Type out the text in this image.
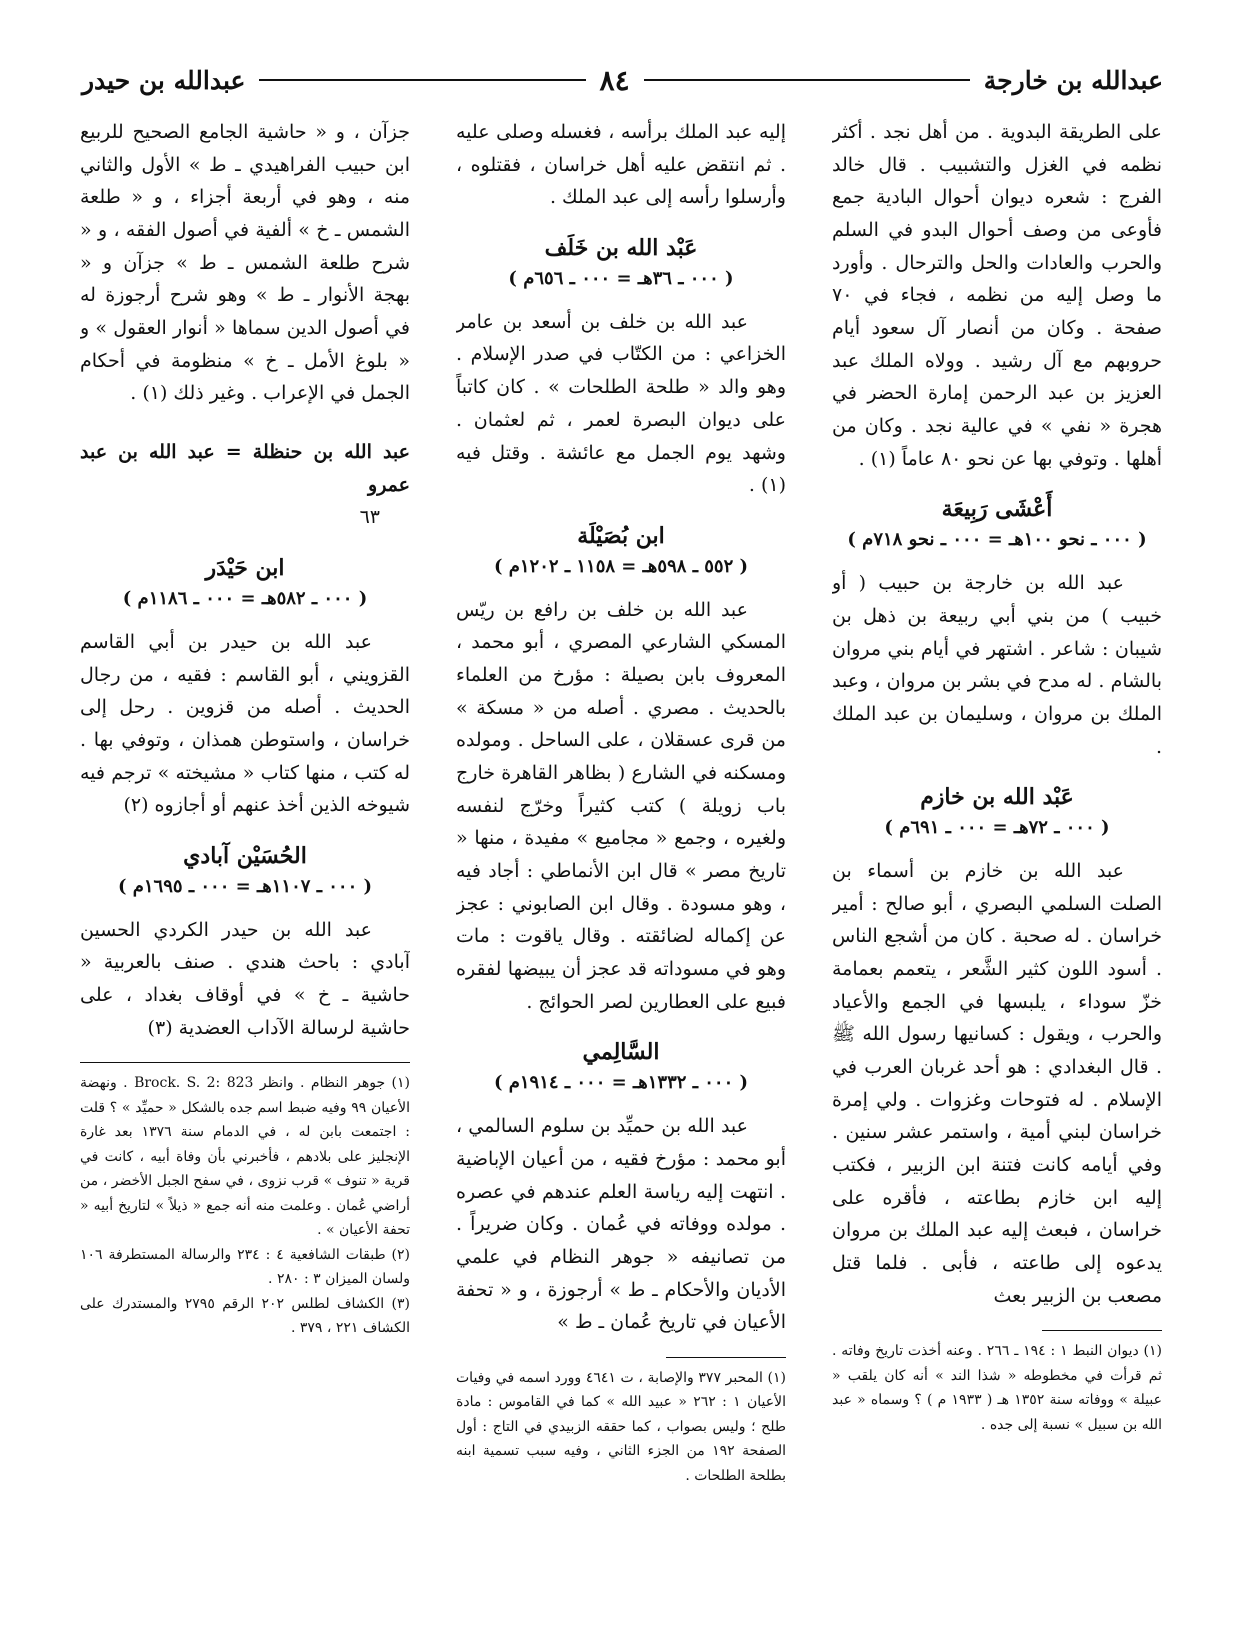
عبدالله بن خارجة
٨٤
عبدالله بن حيدر

على الطريقة البدوية . من أهل نجد . أكثر نظمه في الغزل والتشبيب . قال خالد الفرج : شعره ديوان أحوال البادية جمع فأوعى من وصف أحوال البدو في السلم والحرب والعادات والحل والترحال . وأورد ما وصل إليه من نظمه ، فجاء في ٧٠ صفحة . وكان من أنصار آل سعود أيام حروبهم مع آل رشيد . وولاه الملك عبد العزيز بن عبد الرحمن إمارة الحضر في هجرة « نفي » في عالية نجد . وكان من أهلها . وتوفي بها عن نحو ٨٠ عاماً (١) .

أَعْشَى رَبِيعَة
( ٠٠٠ ـ نحو ١٠٠هـ = ٠٠٠ ـ نحو ٧١٨م )

عبد الله بن خارجة بن حبيب ( أو خبيب ) من بني أبي ربيعة بن ذهل بن شيبان : شاعر . اشتهر في أيام بني مروان بالشام . له مدح في بشر بن مروان ، وعبد الملك بن مروان ، وسليمان بن عبد الملك .

عَبْد الله بن خازم
( ٠٠٠ ـ ٧٢هـ = ٠٠٠ ـ ٦٩١م )

عبد الله بن خازم بن أسماء بن الصلت السلمي البصري ، أبو صالح : أمير خراسان . له صحبة . كان من أشجع الناس . أسود اللون كثير الشَّعر ، يتعمم بعمامة خزّ سوداء ، يلبسها في الجمع والأعياد والحرب ، ويقول : كسانيها رسول الله ﷺ . قال البغدادي : هو أحد غربان العرب في الإسلام . له فتوحات وغزوات . ولي إمرة خراسان لبني أمية ، واستمر عشر سنين . وفي أيامه كانت فتنة ابن الزبير ، فكتب إليه ابن خازم بطاعته ، فأقره على خراسان ، فبعث إليه عبد الملك بن مروان يدعوه إلى طاعته ، فأبى . فلما قتل مصعب بن الزبير بعث

(١) ديوان النبط ١ : ١٩٤ ـ ٢٦٦ . وعنه أخذت تاريخ وفاته . ثم قرأت في مخطوطه « شذا الند » أنه كان يلقب « عبيلة » ووفاته سنة ١٣٥٢ هـ ( ١٩٣٣ م ) ؟ وسماه « عبد الله بن سبيل » نسبة إلى جده .

إليه عبد الملك برأسه ، فغسله وصلى عليه . ثم انتقض عليه أهل خراسان ، فقتلوه ، وأرسلوا رأسه إلى عبد الملك .

عَبْد الله بن خَلَف
( ٠٠٠ ـ ٣٦هـ = ٠٠٠ ـ ٦٥٦م )

عبد الله بن خلف بن أسعد بن عامر الخزاعي : من الكتّاب في صدر الإسلام . وهو والد « طلحة الطلحات » . كان كاتباً على ديوان البصرة لعمر ، ثم لعثمان . وشهد يوم الجمل مع عائشة . وقتل فيه (١) .

ابن بُصَيْلَة
( ٥٥٢ ـ ٥٩٨هـ = ١١٥٨ ـ ١٢٠٢م )

عبد الله بن خلف بن رافع بن ريّس المسكي الشارعي المصري ، أبو محمد ، المعروف بابن بصيلة : مؤرخ من العلماء بالحديث . مصري . أصله من « مسكة » من قرى عسقلان ، على الساحل . ومولده ومسكنه في الشارع ( بظاهر القاهرة خارج باب زويلة ) كتب كثيراً وخرّج لنفسه ولغيره ، وجمع « مجاميع » مفيدة ، منها « تاريخ مصر » قال ابن الأنماطي : أجاد فيه ، وهو مسودة . وقال ابن الصابوني : عجز عن إكماله لضائقته . وقال ياقوت : مات وهو في مسوداته قد عجز أن يبيضها لفقره فبيع على العطارين لصر الحوائج .

السَّالِمي
( ٠٠٠ ـ ١٣٣٢هـ = ٠٠٠ ـ ١٩١٤م )

عبد الله بن حميِّد بن سلوم السالمي ، أبو محمد : مؤرخ فقيه ، من أعيان الإباضية . انتهت إليه رياسة العلم عندهم في عصره . مولده ووفاته في عُمان . وكان ضريراً . من تصانيفه « جوهر النظام في علمي الأديان والأحكام ـ ط » أرجوزة ، و « تحفة الأعيان في تاريخ عُمان ـ ط »

(١) المحبر ٣٧٧ والإصابة ، ت ٤٦٤١ وورد اسمه في وفيات الأعيان ١ : ٢٦٢ « عبيد الله » كما في القاموس : مادة طلح ؛ وليس بصواب ، كما حققه الزبيدي في التاج : أول الصفحة ١٩٢ من الجزء الثاني ، وفيه سبب تسمية ابنه بطلحة الطلحات .

جزآن ، و « حاشية الجامع الصحيح للربيع ابن حبيب الفراهيدي ـ ط » الأول والثاني منه ، وهو في أربعة أجزاء ، و « طلعة الشمس ـ خ » ألفية في أصول الفقه ، و « شرح طلعة الشمس ـ ط » جزآن و « بهجة الأنوار ـ ط » وهو شرح أرجوزة له في أصول الدين سماها « أنوار العقول » و « بلوغ الأمل ـ خ » منظومة في أحكام الجمل في الإعراب . وغير ذلك (١) .

عبد الله بن حنظلة = عبد الله بن عبد عمرو
٦٣
ابن حَيْدَر
( ٠٠٠ ـ ٥٨٢هـ = ٠٠٠ ـ ١١٨٦م )

عبد الله بن حيدر بن أبي القاسم القزويني ، أبو القاسم : فقيه ، من رجال الحديث . أصله من قزوين . رحل إلى خراسان ، واستوطن همذان ، وتوفي بها . له كتب ، منها كتاب « مشيخته » ترجم فيه شيوخه الذين أخذ عنهم أو أجازوه (٢)

الحُسَيْن آبادي
( ٠٠٠ ـ ١١٠٧هـ = ٠٠٠ ـ ١٦٩٥م )

عبد الله بن حيدر الكردي الحسين آبادي : باحث هندي . صنف بالعربية « حاشية ـ خ » في أوقاف بغداد ، على حاشية لرسالة الآداب العضدية (٣)

(١) جوهر النظام . وانظر Brock. S. 2: 823 . ونهضة الأعيان ٩٩ وفيه ضبط اسم جده بالشكل « حميِّد » ؟ قلت : اجتمعت بابن له ، في الدمام سنة ١٣٧٦ بعد غارة الإنجليز على بلادهم ، فأخبرني بأن وفاة أبيه ، كانت في قرية « تنوف » قرب نزوى ، في سفح الجبل الأخضر ، من أراضي عُمان . وعلمت منه أنه جمع « ذيلاً » لتاريخ أبيه « تحفة الأعيان » .

(٢) طبقات الشافعية ٤ : ٢٣٤ والرسالة المستطرفة ١٠٦ ولسان الميزان ٣ : ٢٨٠ .

(٣) الكشاف لطلس ٢٠٢ الرقم ٢٧٩٥ والمستدرك على الكشاف ٢٢١ ، ٣٧٩ .
